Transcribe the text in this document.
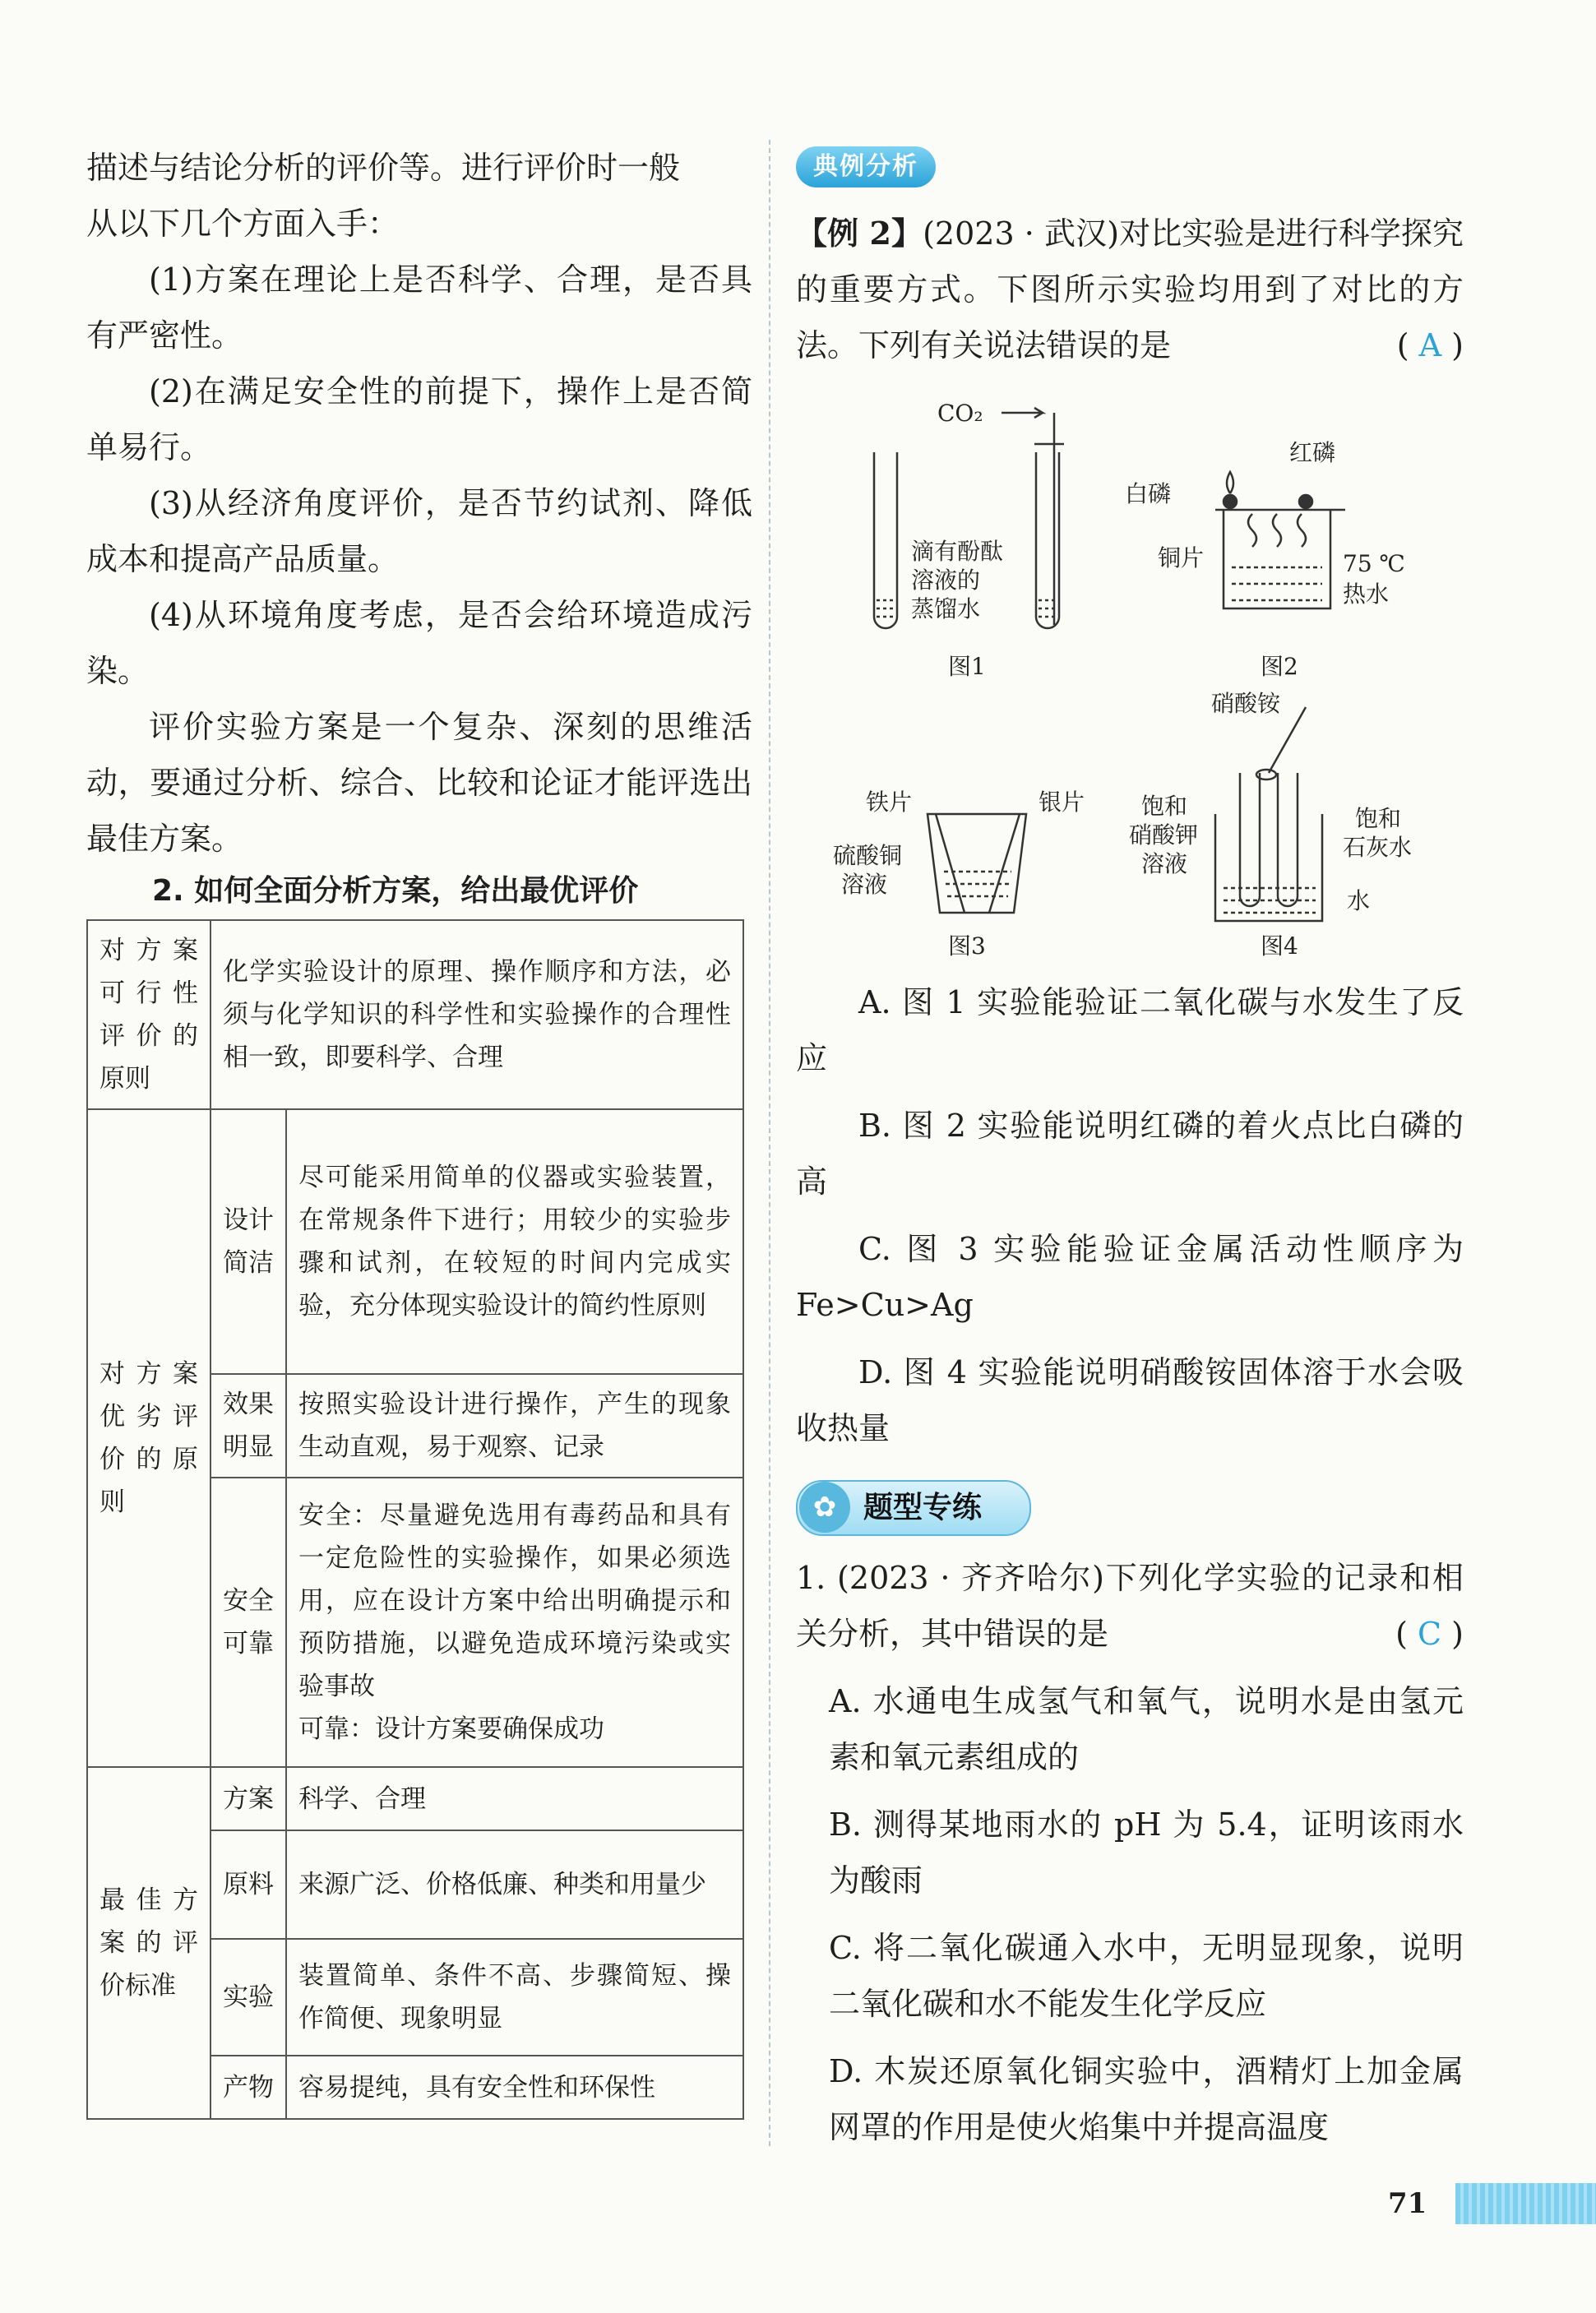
描述与结论分析的评价等。进行评价时一般
从以下几个方面入手：

(1)方案在理论上是否科学、合理，是否具有严密性。

(2)在满足安全性的前提下，操作上是否简单易行。

(3)从经济角度评价，是否节约试剂、降低成本和提高产品质量。

(4)从环境角度考虑，是否会给环境造成污染。

评价实验方案是一个复杂、深刻的思维活动，要通过分析、综合、比较和论证才能评选出最佳方案。

2. 如何全面分析方案，给出最优评价
对方案可行性评价的原则	化学实验设计的原理、操作顺序和方法，必须与化学知识的科学性和实验操作的合理性相一致，即要科学、合理	
对方案优劣评价的原则	设计简洁	尽可能采用简单的仪器或实验装置，在常规条件下进行；用较少的实验步骤和试剂，在较短的时间内完成实验，充分体现实验设计的简约性原则
	效果明显	按照实验设计进行操作，产生的现象生动直观，易于观察、记录
	安全可靠	安全：尽量避免选用有毒药品和具有一定危险性的实验操作，如果必须选用，应在设计方案中给出明确提示和预防措施，以避免造成环境污染或实验事故
可靠：设计方案要确保成功
最佳方案的评价标准	方案	科学、合理
	原料	来源广泛、价格低廉、种类和用量少
	实验	装置简单、条件不高、步骤简短、操作简便、现象明显
	产物	容易提纯，具有安全性和环保性
典例分析

【例 2】(2023 · 武汉)对比实验是进行科学探究的重要方式。下图所示实验均用到了对比的方法。下列有关说法错误的是	( A )

CO₂
滴有酚酞
溶液的
蒸馏水
图1
红磷
白磷
铜片	75 ℃
热水
图2
铁片	银片
硫酸铜
溶液
图3
硝酸铵
饱和
硝酸钾
溶液
饱和
石灰水
水
图4

A. 图 1 实验能验证二氧化碳与水发生了反应

B. 图 2 实验能说明红磷的着火点比白磷的高

C. 图 3 实验能验证金属活动性顺序为 Fe>Cu>Ag

D. 图 4 实验能说明硝酸铵固体溶于水会吸收热量

✿ 题型专练

1. (2023 · 齐齐哈尔)下列化学实验的记录和相关分析，其中错误的是	( C )

A. 水通电生成氢气和氧气，说明水是由氢元素和氧元素组成的

B. 测得某地雨水的 pH 为 5.4，证明该雨水为酸雨

C. 将二氧化碳通入水中，无明显现象，说明二氧化碳和水不能发生化学反应

D. 木炭还原氧化铜实验中，酒精灯上加金属网罩的作用是使火焰集中并提高温度

71
